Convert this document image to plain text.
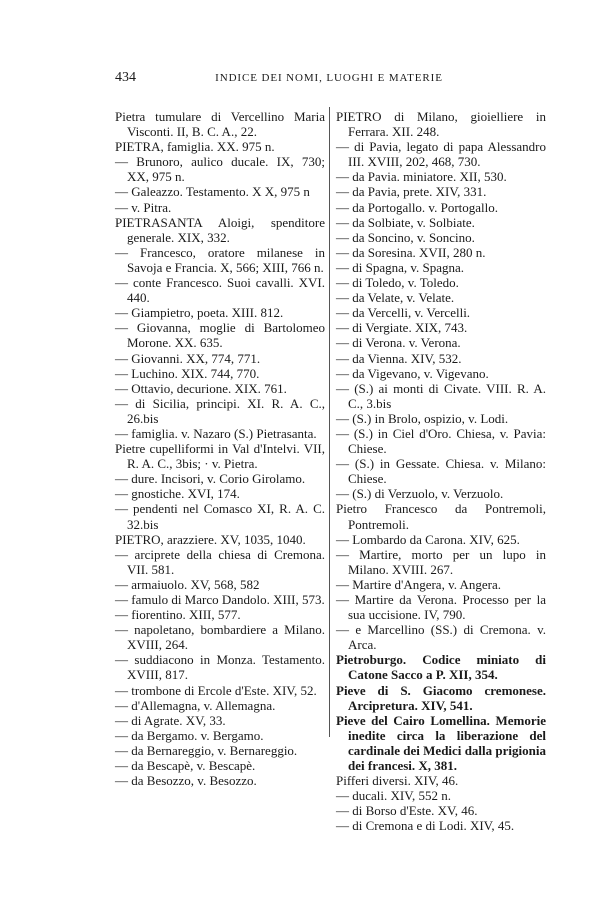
434	INDICE DEI NOMI, LUOGHI E MATERIE

Pietra tumulare di Vercellino Maria Visconti. II, B. C. A., 22.

PIETRA, famiglia. XX. 975 n.

— Brunoro, aulico ducale. IX, 730; XX, 975 n.

— Galeazzo. Testamento. X X, 975 n

— v. Pitra.

PIETRASANTA Aloigi, spenditore generale. XIX, 332.

— Francesco, oratore milanese in Savoja e Francia. X, 566; XIII, 766 n.

— conte Francesco. Suoi cavalli. XVI. 440.

— Giampietro, poeta. XIII. 812.

— Giovanna, moglie di Bartolomeo Morone. XX. 635.

— Giovanni. XX, 774, 771.

— Luchino. XIX. 744, 770.

— Ottavio, decurione. XIX. 761.

— di Sicilia, principi. XI. R. A. C., 26.bis

— famiglia. v. Nazaro (S.) Pietrasanta.

Pietre cupelliformi in Val d'Intelvi. VII, R. A. C., 3bis; · v. Pietra.

— dure. Incisori, v. Corio Girolamo.

— gnostiche. XVI, 174.

— pendenti nel Comasco XI, R. A. C. 32.bis

PIETRO, arazziere. XV, 1035, 1040.

— arciprete della chiesa di Cremona. VII. 581.

— armaiuolo. XV, 568, 582

— famulo di Marco Dandolo. XIII, 573.

— fiorentino. XIII, 577.

— napoletano, bombardiere a Milano. XVIII, 264.

— suddiacono in Monza. Testamento. XVIII, 817.

— trombone di Ercole d'Este. XIV, 52.

— d'Allemagna, v. Allemagna.

— di Agrate. XV, 33.

— da Bergamo. v. Bergamo.

— da Bernareggio, v. Bernareggio.

— da Bescapè, v. Bescapè.

— da Besozzo, v. Besozzo.

PIETRO di Milano, gioielliere in Ferrara. XII. 248.

— di Pavia, legato di papa Alessandro III. XVIII, 202, 468, 730.

— da Pavia. miniatore. XII, 530.

— da Pavia, prete. XIV, 331.

— da Portogallo. v. Portogallo.

— da Solbiate, v. Solbiate.

— da Soncino, v. Soncino.

— da Soresina. XVII, 280 n.

— di Spagna, v. Spagna.

— di Toledo, v. Toledo.

— da Velate, v. Velate.

— da Vercelli, v. Vercelli.

— di Vergiate. XIX, 743.

— di Verona. v. Verona.

— da Vienna. XIV, 532.

— da Vigevano, v. Vigevano.

— (S.) ai monti di Civate. VIII. R. A. C., 3.bis

— (S.) in Brolo, ospizio, v. Lodi.

— (S.) in Ciel d'Oro. Chiesa, v. Pavia: Chiese.

— (S.) in Gessate. Chiesa. v. Milano: Chiese.

— (S.) di Verzuolo, v. Verzuolo.

Pietro Francesco da Pontremoli, Pontremoli.

— Lombardo da Carona. XIV, 625.

— Martire, morto per un lupo in Milano. XVIII. 267.

— Martire d'Angera, v. Angera.

— Martire da Verona. Processo per la sua uccisione. IV, 790.

— e Marcellino (SS.) di Cremona. v. Arca.

Pietroburgo. Codice miniato di Catone Sacco a P. XII, 354.

Pieve di S. Giacomo cremonese. Arcipretura. XIV, 541.

Pieve del Cairo Lomellina. Memorie inedite circa la liberazione del cardinale dei Medici dalla prigionia dei francesi. X, 381.

Pifferi diversi. XIV, 46.

— ducali. XIV, 552 n.

— di Borso d'Este. XV, 46.

— di Cremona e di Lodi. XIV, 45.
